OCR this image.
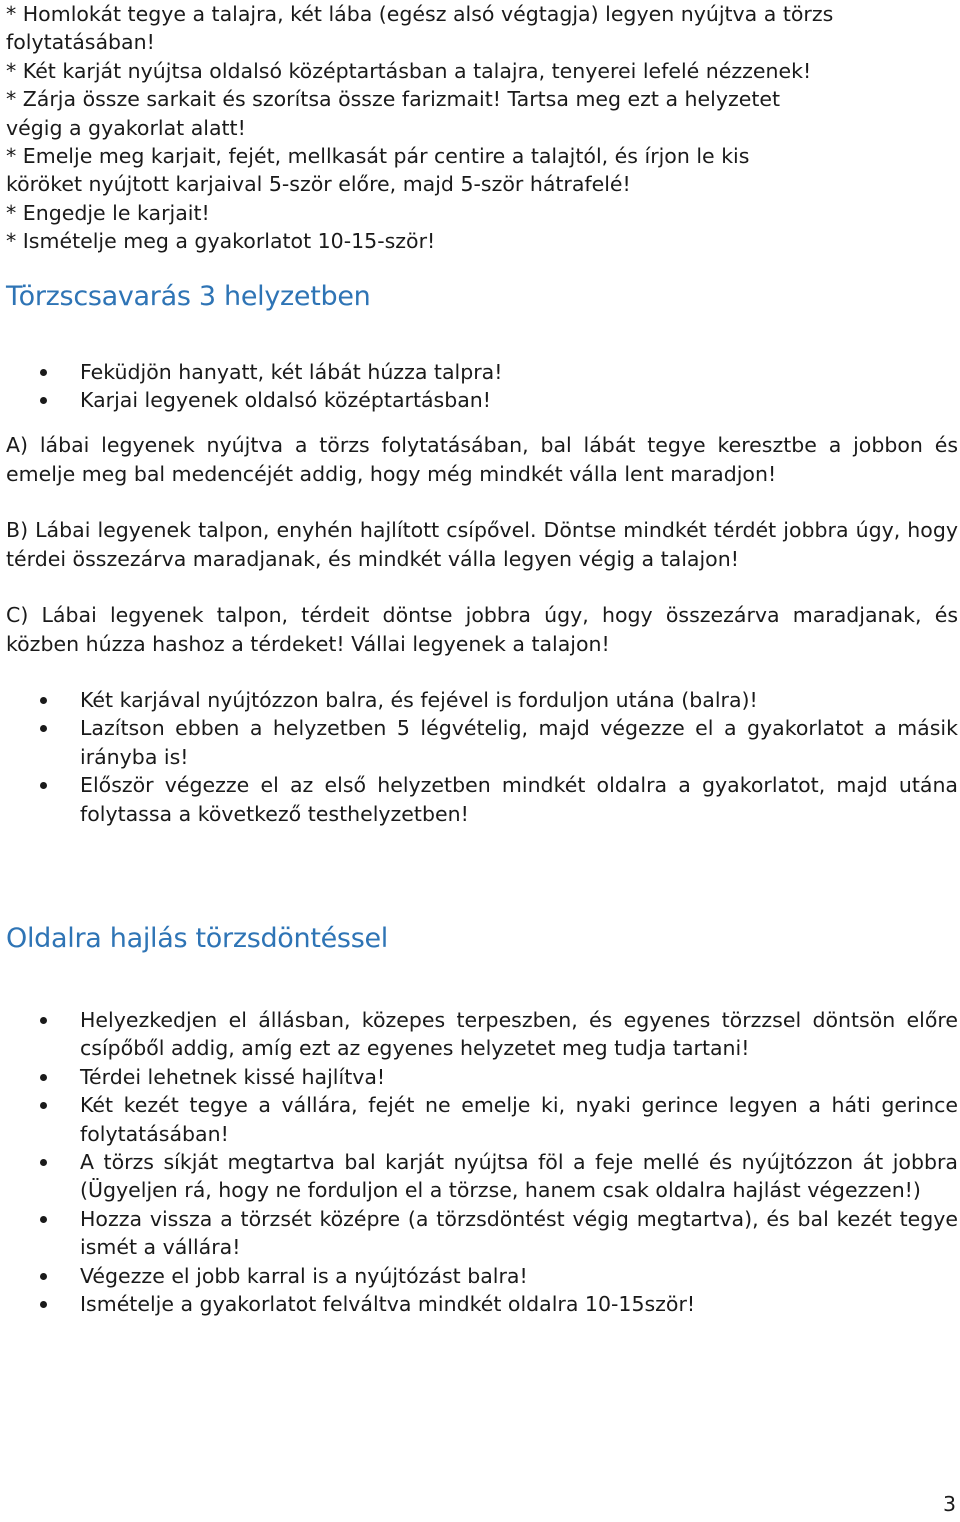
* Homlokát tegye a talajra, két lába (egész alsó végtagja) legyen nyújtva a törzs
folytatásában!
* Két karját nyújtsa oldalsó középtartásban a talajra, tenyerei lefelé nézzenek!
* Zárja össze sarkait és szorítsa össze farizmait! Tartsa meg ezt a helyzetet
végig a gyakorlat alatt!
* Emelje meg karjait, fejét, mellkasát pár centire a talajtól, és írjon le kis
köröket nyújtott karjaival 5-ször előre, majd 5-ször hátrafelé!
* Engedje le karjait!
* Ismételje meg a gyakorlatot 10-15-ször!
Törzscsavarás 3 helyzetben
Feküdjön hanyatt, két lábát húzza talpra!
Karjai legyenek oldalsó középtartásban!

A) lábai legyenek nyújtva a törzs folytatásában, bal lábát tegye keresztbe a jobbon és emelje meg bal medencéjét addig, hogy még mindkét válla lent maradjon!

B) Lábai legyenek talpon, enyhén hajlított csípővel. Döntse mindkét térdét jobbra úgy, hogy térdei összezárva maradjanak, és mindkét válla legyen végig a talajon!

C) Lábai legyenek talpon, térdeit döntse jobbra úgy, hogy összezárva maradjanak, és közben húzza hashoz a térdeket! Vállai legyenek a talajon!

Két karjával nyújtózzon balra, és fejével is forduljon utána (balra)!
Lazítson ebben a helyzetben 5 légvételig, majd végezze el a gyakorlatot a másik irányba is!
Először végezze el az első helyzetben mindkét oldalra a gyakorlatot, majd utána folytassa a következő testhelyzetben!
Oldalra hajlás törzsdöntéssel
Helyezkedjen el állásban, közepes terpeszben, és egyenes törzzsel döntsön előre csípőből addig, amíg ezt az egyenes helyzetet meg tudja tartani!
Térdei lehetnek kissé hajlítva!
Két kezét tegye a vállára, fejét ne emelje ki, nyaki gerince legyen a háti gerince folytatásában!
A törzs síkját megtartva bal karját nyújtsa föl a feje mellé és nyújtózzon át jobbra (Ügyeljen rá, hogy ne forduljon el a törzse, hanem csak oldalra hajlást végezzen!)
Hozza vissza a törzsét középre (a törzsdöntést végig megtartva), és bal kezét tegye ismét a vállára!
Végezze el jobb karral is a nyújtózást balra!
Ismételje a gyakorlatot felváltva mindkét oldalra 10-15ször!
3
